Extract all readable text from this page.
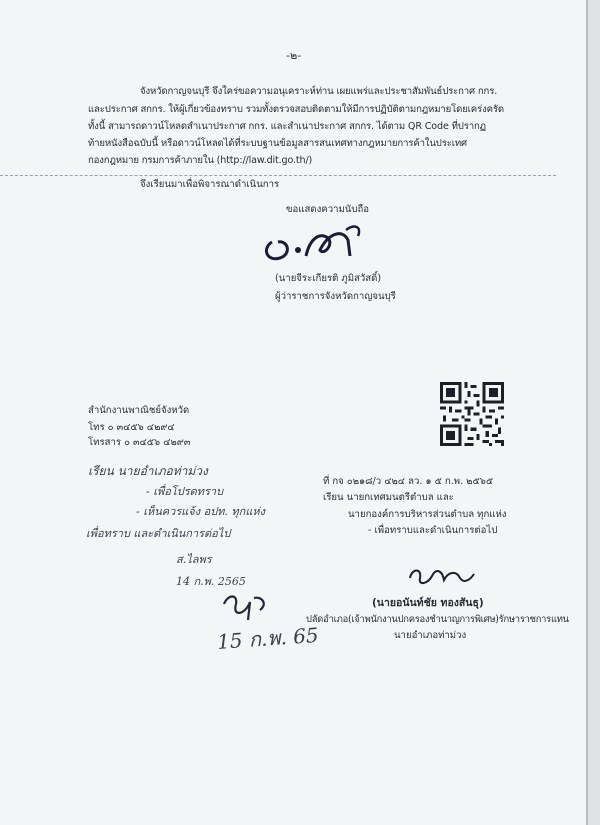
-๒-
จังหวัดกาญจนบุรี จึงใคร่ขอความอนุเคราะห์ท่าน เผยแพร่และประชาสัมพันธ์ประกาศ กกร.
และประกาศ สกกร. ให้ผู้เกี่ยวข้องทราบ รวมทั้งตรวจสอบติดตามให้มีการปฏิบัติตามกฎหมายโดยเคร่งครัด
ทั้งนี้ สามารถดาวน์โหลดสำเนาประกาศ กกร. และสำเนาประกาศ สกกร. ได้ตาม QR Code ที่ปรากฏ
ท้ายหนังสือฉบับนี้ หรือดาวน์โหลดได้ที่ระบบฐานข้อมูลสารสนเทศทางกฎหมายการค้าในประเทศ
กองกฎหมาย กรมการค้าภายใน (http://law.dit.go.th/)
จึงเรียนมาเพื่อพิจารณาดำเนินการ
ขอแสดงความนับถือ
(นายจีระเกียรติ ภูมิสวัสดิ์)
ผู้ว่าราชการจังหวัดกาญจนบุรี
สำนักงานพาณิชย์จังหวัด
โทร ๐ ๓๔๕๖ ๔๒๙๔
โทรสาร ๐ ๓๔๕๖ ๔๒๙๓
เรียน นายอำเภอท่าม่วง
- เพื่อโปรดทราบ
- เห็นควรแจ้ง อปท. ทุกแห่ง
เพื่อทราบ และดำเนินการต่อไป
ส.ไลพร
14 ก.พ. 2565
15 ก.พ. 65
ที่ กจ ๐๒๑๘/ว ๔๒๔ ลว. ๑ ๕ ก.พ. ๒๕๖๕
เรียน นายกเทศมนตรีตำบล และ
นายกองค์การบริหารส่วนตำบล ทุกแห่ง
- เพื่อทราบและดำเนินการต่อไป
(นายอนันท์ชัย ทองสันธุ)
ปลัดอำเภอ(เจ้าพนักงานปกครองชำนาญการพิเศษ)รักษาราชการแทน
นายอำเภอท่าม่วง
